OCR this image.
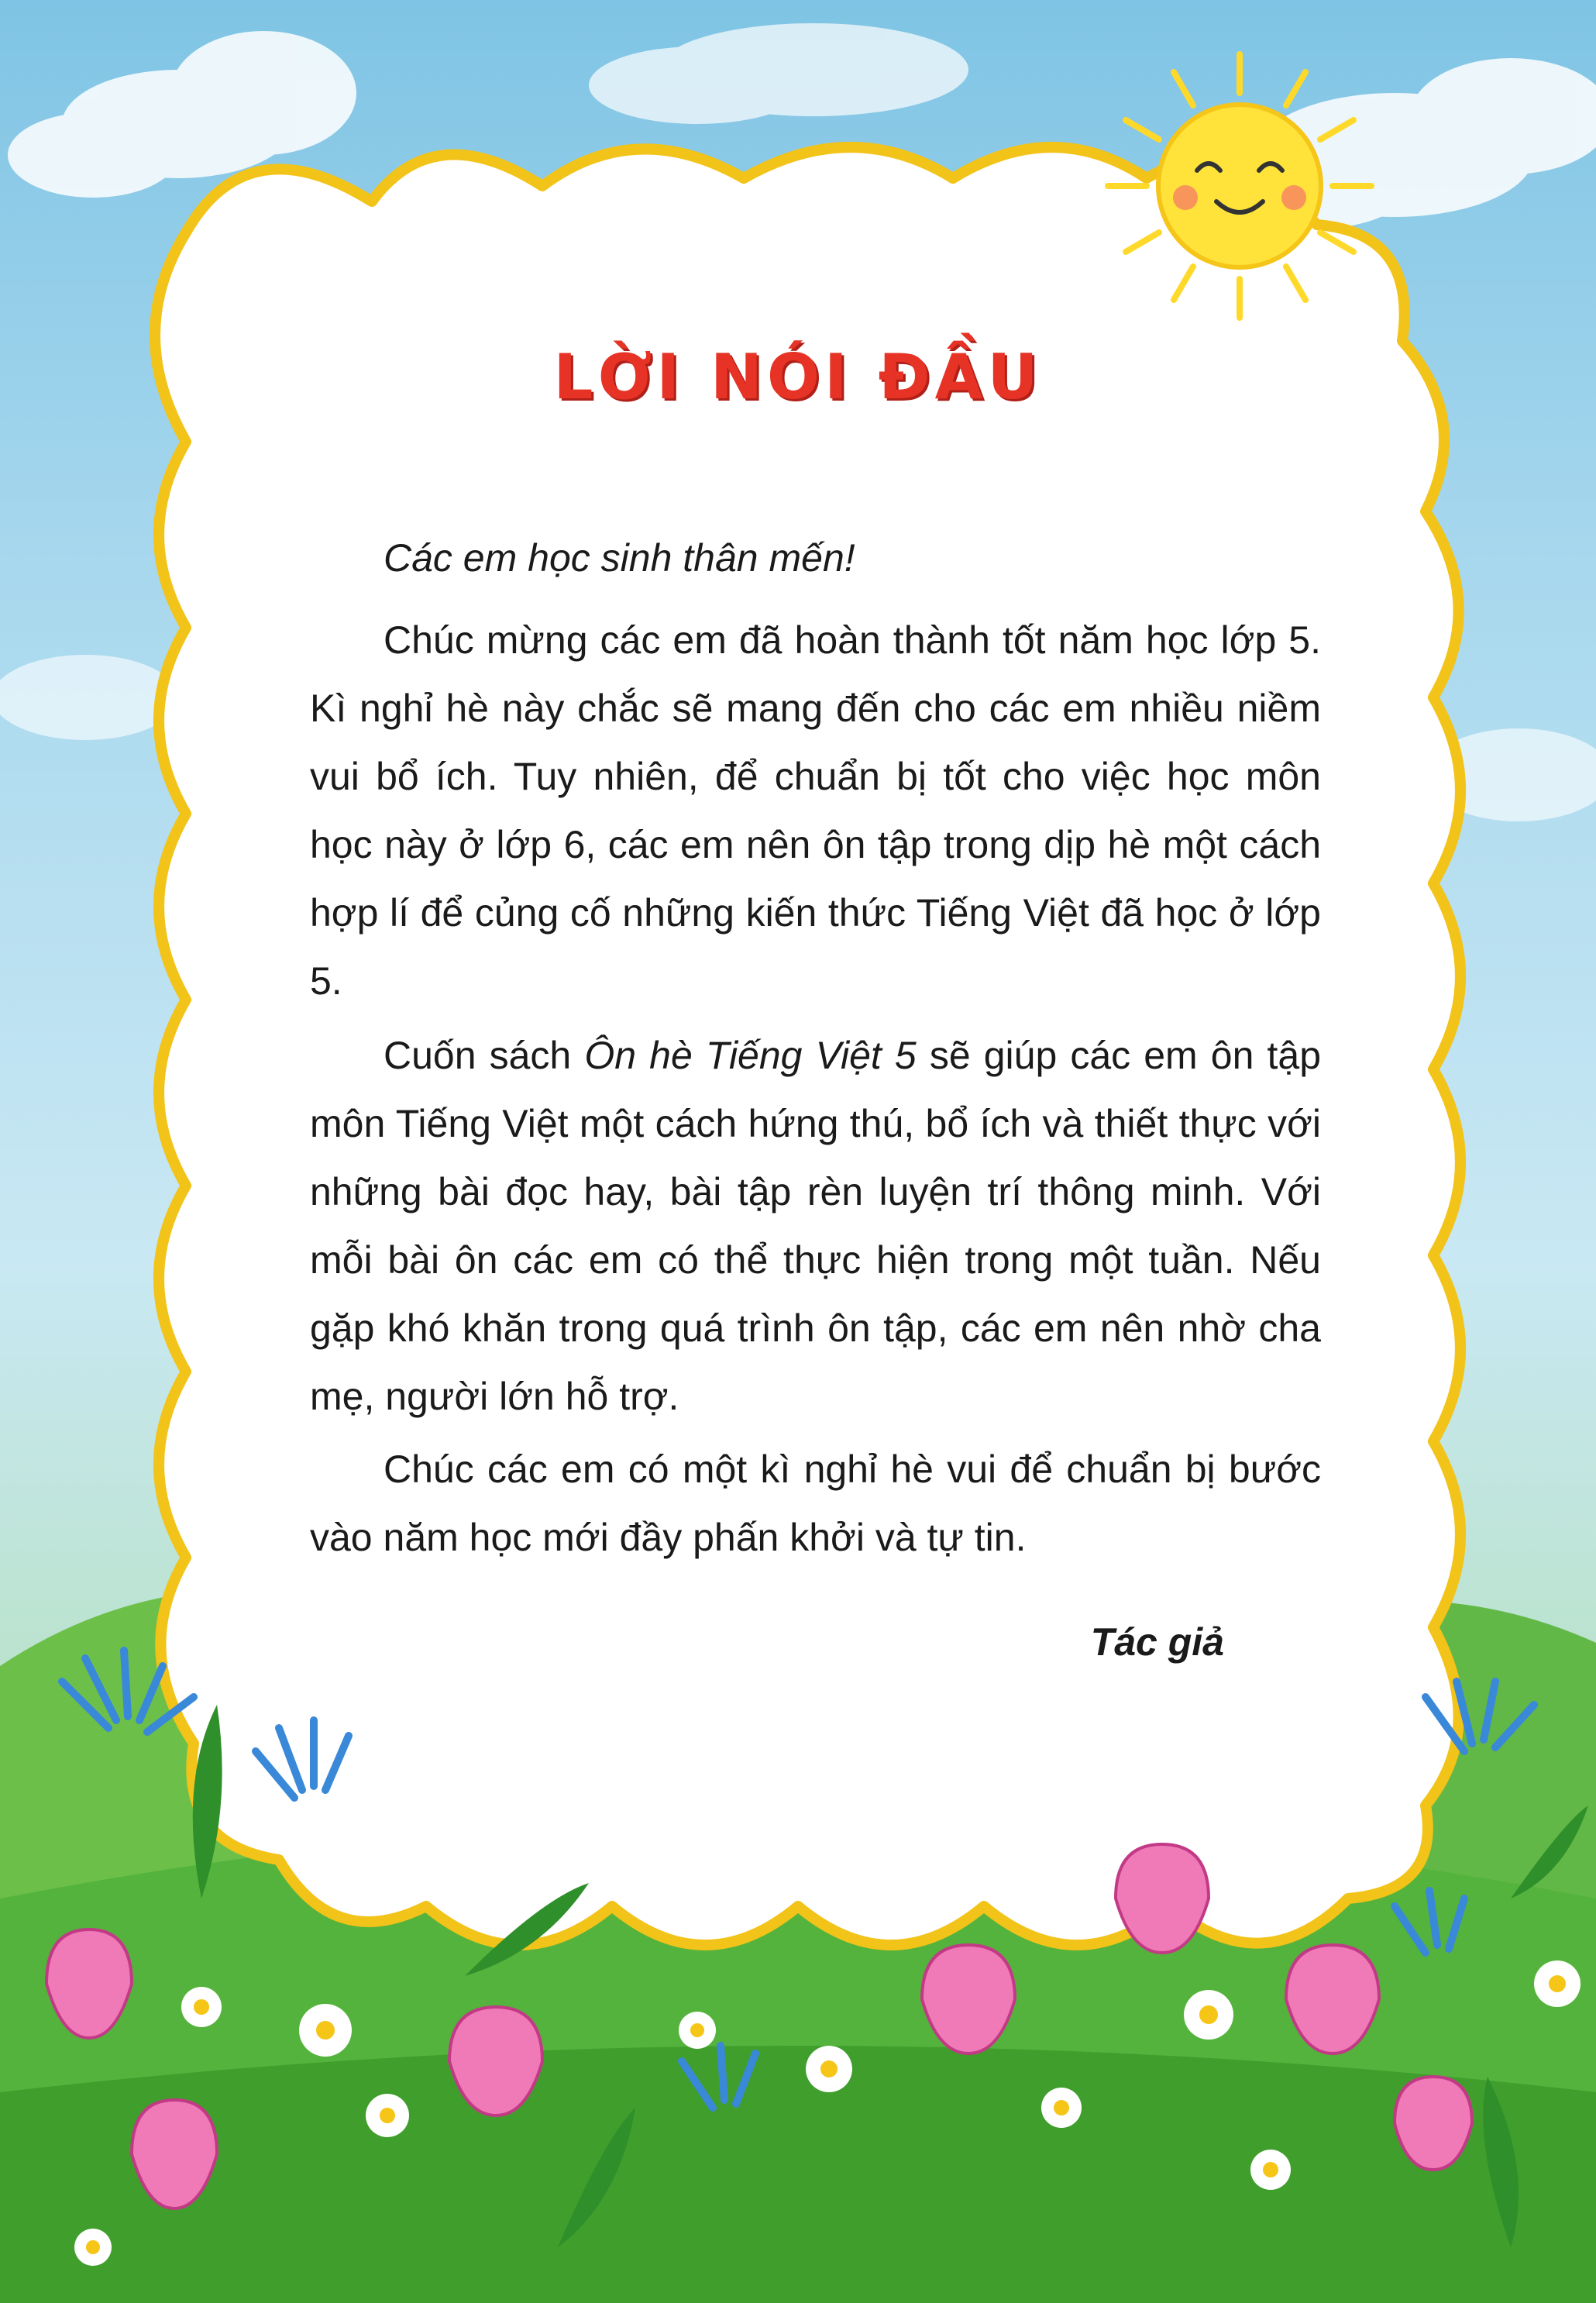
LỜI NÓI ĐẦU

Các em học sinh thân mến!

Chúc mừng các em đã hoàn thành tốt năm học lớp 5. Kì nghỉ hè này chắc sẽ mang đến cho các em nhiều niềm vui bổ ích. Tuy nhiên, để chuẩn bị tốt cho việc học môn học này ở lớp 6, các em nên ôn tập trong dịp hè một cách hợp lí để củng cố những kiến thức Tiếng Việt đã học ở lớp 5.

Cuốn sách Ôn hè Tiếng Việt 5 sẽ giúp các em ôn tập môn Tiếng Việt một cách hứng thú, bổ ích và thiết thực với những bài đọc hay, bài tập rèn luyện trí thông minh. Với mỗi bài ôn các em có thể thực hiện trong một tuần. Nếu gặp khó khăn trong quá trình ôn tập, các em nên nhờ cha mẹ, người lớn hỗ trợ.

Chúc các em có một kì nghỉ hè vui để chuẩn bị bước vào năm học mới đầy phấn khởi và tự tin.

Tác giả
